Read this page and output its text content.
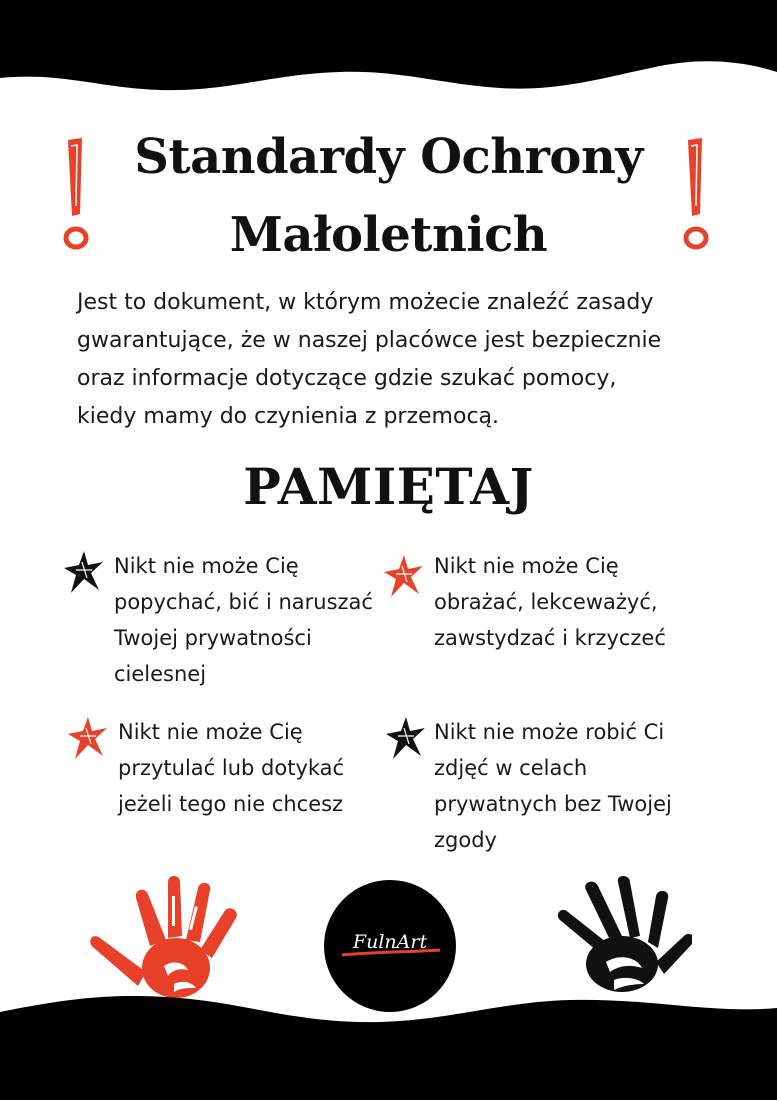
Standardy Ochrony
Małoletnich
Jest to dokument, w którym możecie znaleźć zasady
gwarantujące, że w naszej placówce jest bezpiecznie
oraz informacje dotyczące gdzie szukać pomocy,
kiedy mamy do czynienia z przemocą.
PAMIĘTAJ
Nikt nie może Cię
popychać, bić i naruszać
Twojej prywatności
cielesnej
Nikt nie może Cię
obrażać, lekceważyć,
zawstydzać i krzyczeć
Nikt nie może Cię
przytulać lub dotykać
jeżeli tego nie chcesz
Nikt nie może robić Ci
zdjęć w celach
prywatnych bez Twojej
zgody
FulnArt
